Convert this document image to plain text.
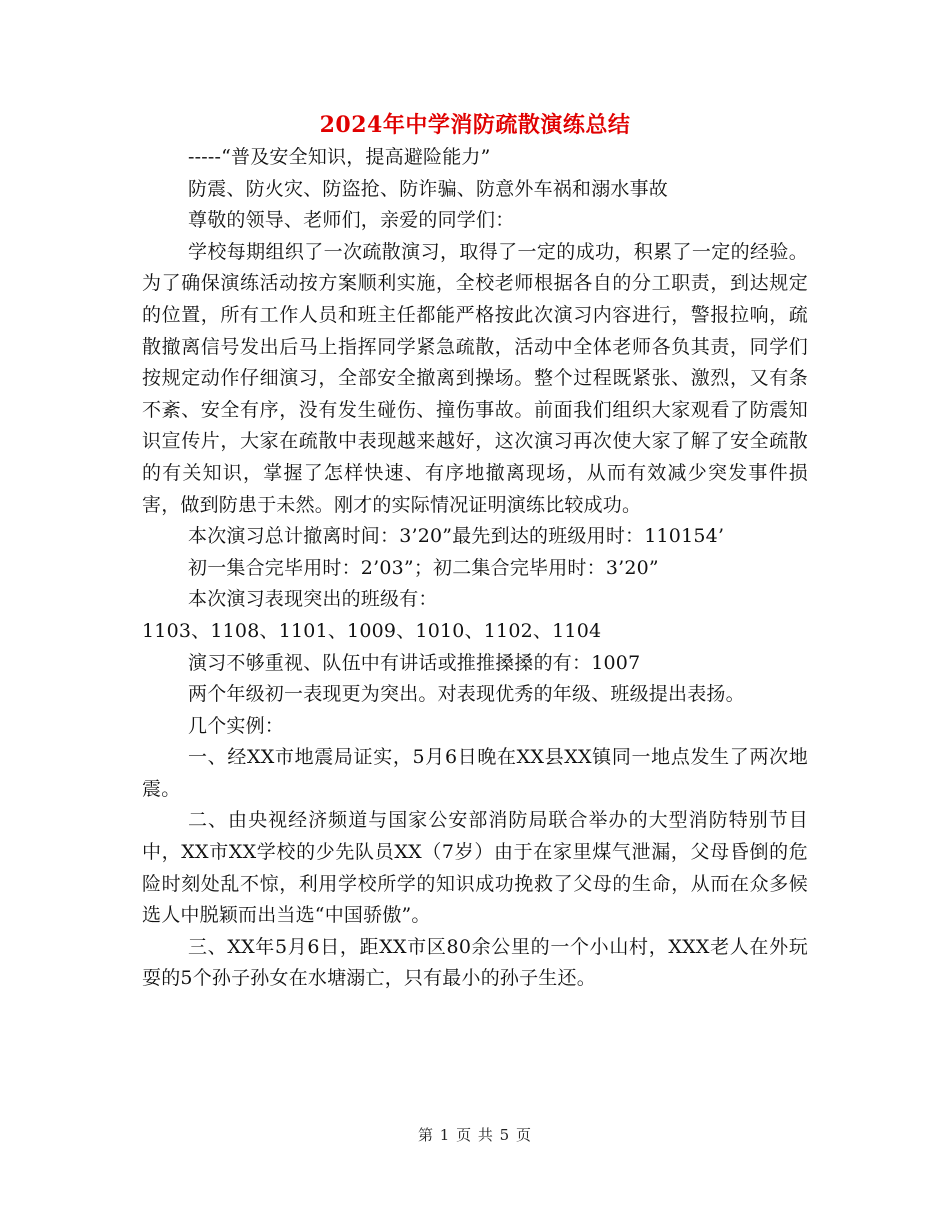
2024年中学消防疏散演练总结

-----“普及安全知识，提高避险能力”

防震、防火灾、防盗抢、防诈骗、防意外车祸和溺水事故

尊敬的领导、老师们，亲爱的同学们：

学校每期组织了一次疏散演习，取得了一定的成功，积累了一定的经验。为了确保演练活动按方案顺利实施，全校老师根据各自的分工职责，到达规定的位置，所有工作人员和班主任都能严格按此次演习内容进行，警报拉响，疏散撤离信号发出后马上指挥同学紧急疏散，活动中全体老师各负其责，同学们按规定动作仔细演习，全部安全撤离到操场。整个过程既紧张、激烈，又有条不紊、安全有序，没有发生碰伤、撞伤事故。前面我们组织大家观看了防震知识宣传片，大家在疏散中表现越来越好，这次演习再次使大家了解了安全疏散的有关知识，掌握了怎样快速、有序地撤离现场，从而有效减少突发事件损害，做到防患于未然。刚才的实际情况证明演练比较成功。

本次演习总计撤离时间：3’20”最先到达的班级用时：110154’

初一集合完毕用时：2’03”；初二集合完毕用时：3’20”

本次演习表现突出的班级有：

1103、1108、1101、1009、1010、1102、1104

演习不够重视、队伍中有讲话或推推搡搡的有：1007

两个年级初一表现更为突出。对表现优秀的年级、班级提出表扬。

几个实例：

一、经XX市地震局证实，5月6日晚在XX县XX镇同一地点发生了两次地震。

二、由央视经济频道与国家公安部消防局联合举办的大型消防特别节目中，XX市XX学校的少先队员XX（7岁）由于在家里煤气泄漏，父母昏倒的危险时刻处乱不惊，利用学校所学的知识成功挽救了父母的生命，从而在众多候选人中脱颖而出当选“中国骄傲”。

三、XX年5月6日，距XX市区80余公里的一个小山村，XXX老人在外玩耍的5个孙子孙女在水塘溺亡，只有最小的孙子生还。

第 1 页 共 5 页
